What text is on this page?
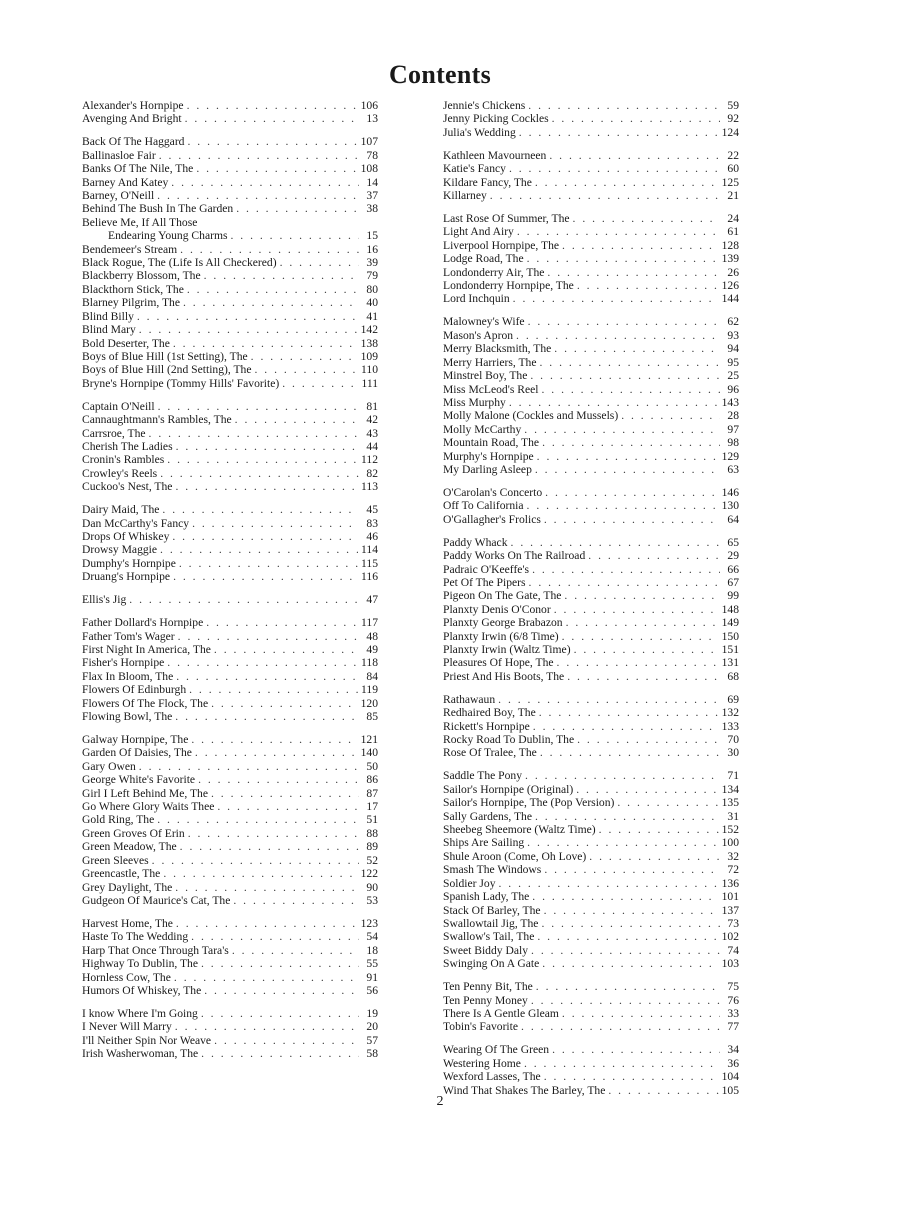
Contents
Alexander's Hornpipe . . .	106
Avenging And Bright . . .	13
Back Of The Haggard . . .	107
Ballinasloe Fair . . .	78
Banks Of The Nile, The . . .	108
Barney And Katey . . .	14
Barney, O'Neill . . .	37
Behind The Bush In The Garden . . .	38
Believe Me, If All Those
Endearing Young Charms . . .	15
Bendemeer's Stream . . .	16
Black Rogue, The (Life Is All Checkered) . . .	39
Blackberry Blossom, The . . .	79
Blackthorn Stick, The . . .	80
Blarney Pilgrim, The . . .	40
Blind Billy . . .	41
Blind Mary . . .	142
Bold Deserter, The . . .	138
Boys of Blue Hill (1st Setting), The . . .	109
Boys of Blue Hill (2nd Setting), The . . .	110
Bryne's Hornpipe (Tommy Hills' Favorite) . . .	111
Captain O'Neill . . .	81
Cannaughtmann's Rambles, The . . .	42
Carrsroe, The . . .	43
Cherish The Ladies . . .	44
Cronin's Rambles . . .	112
Crowley's Reels . . .	82
Cuckoo's Nest, The . . .	113
Dairy Maid, The . . .	45
Dan McCarthy's Fancy . . .	83
Drops Of Whiskey . . .	46
Drowsy Maggie . . .	114
Dumphy's Hornpipe . . .	115
Druang's Hornpipe . . .	116
Ellis's Jig . . .	47
Father Dollard's Hornpipe . . .	117
Father Tom's Wager . . .	48
First Night In America, The . . .	49
Fisher's Hornpipe . . .	118
Flax In Bloom, The . . .	84
Flowers Of Edinburgh . . .	119
Flowers Of The Flock, The . . .	120
Flowing Bowl, The . . .	85
Galway Hornpipe, The . . .	121
Garden Of Daisies, The . . .	140
Gary Owen . . .	50
George White's Favorite . . .	86
Girl I Left Behind Me, The . . .	87
Go Where Glory Waits Thee . . .	17
Gold Ring, The . . .	51
Green Groves Of Erin . . .	88
Green Meadow, The . . .	89
Green Sleeves . . .	52
Greencastle, The . . .	122
Grey Daylight, The . . .	90
Gudgeon Of Maurice's Cat, The . . .	53
Harvest Home, The . . .	123
Haste To The Wedding . . .	54
Harp That Once Through Tara's . . .	18
Highway To Dublin, The . . .	55
Hornless Cow, The . . .	91
Humors Of Whiskey, The . . .	56
I know Where I'm Going . . .	19
I Never Will Marry . . .	20
I'll Neither Spin Nor Weave . . .	57
Irish Washerwoman, The . . .	58
Jennie's Chickens . . .	59
Jenny Picking Cockles . . .	92
Julia's Wedding . . .	124
Kathleen Mavourneen . . .	22
Katie's Fancy . . .	60
Kildare Fancy, The . . .	125
Killarney . . .	21
Last Rose Of Summer, The . . .	24
Light And Airy . . .	61
Liverpool Hornpipe, The . . .	128
Lodge Road, The . . .	139
Londonderry Air, The . . .	26
Londonderry Hornpipe, The . . .	126
Lord Inchquin . . .	144
Malowney's Wife . . .	62
Mason's Apron . . .	93
Merry Blacksmith, The . . .	94
Merry Harriers, The . . .	95
Minstrel Boy, The . . .	25
Miss McLeod's Reel . . .	96
Miss Murphy . . .	143
Molly Malone (Cockles and Mussels) . . .	28
Molly McCarthy . . .	97
Mountain Road, The . . .	98
Murphy's Hornpipe . . .	129
My Darling Asleep . . .	63
O'Carolan's Concerto . . .	146
Off To California . . .	130
O'Gallagher's Frolics . . .	64
Paddy Whack . . .	65
Paddy Works On The Railroad . . .	29
Padraic O'Keeffe's . . .	66
Pet Of The Pipers . . .	67
Pigeon On The Gate, The . . .	99
Planxty Denis O'Conor . . .	148
Planxty George Brabazon . . .	149
Planxty Irwin (6/8 Time) . . .	150
Planxty Irwin (Waltz Time) . . .	151
Pleasures Of Hope, The . . .	131
Priest And His Boots, The . . .	68
Rathawaun . . .	69
Redhaired Boy, The . . .	132
Rickett's Hornpipe . . .	133
Rocky Road To Dublin, The . . .	70
Rose Of Tralee, The . . .	30
Saddle The Pony . . .	71
Sailor's Hornpipe (Original) . . .	134
Sailor's Hornpipe, The (Pop Version) . . .	135
Sally Gardens, The . . .	31
Sheebeg Sheemore (Waltz Time) . . .	152
Ships Are Sailing . . .	100
Shule Aroon (Come, Oh Love) . . .	32
Smash The Windows . . .	72
Soldier Joy . . .	136
Spanish Lady, The . . .	101
Stack Of Barley, The . . .	137
Swallowtail Jig, The . . .	73
Swallow's Tail, The . . .	102
Sweet Biddy Daly . . .	74
Swinging On A Gate . . .	103
Ten Penny Bit, The . . .	75
Ten Penny Money . . .	76
There Is A Gentle Gleam . . .	33
Tobin's Favorite . . .	77
Wearing Of The Green . . .	34
Westering Home . . .	36
Wexford Lasses, The . . .	104
Wind That Shakes The Barley, The . . .	105
2
